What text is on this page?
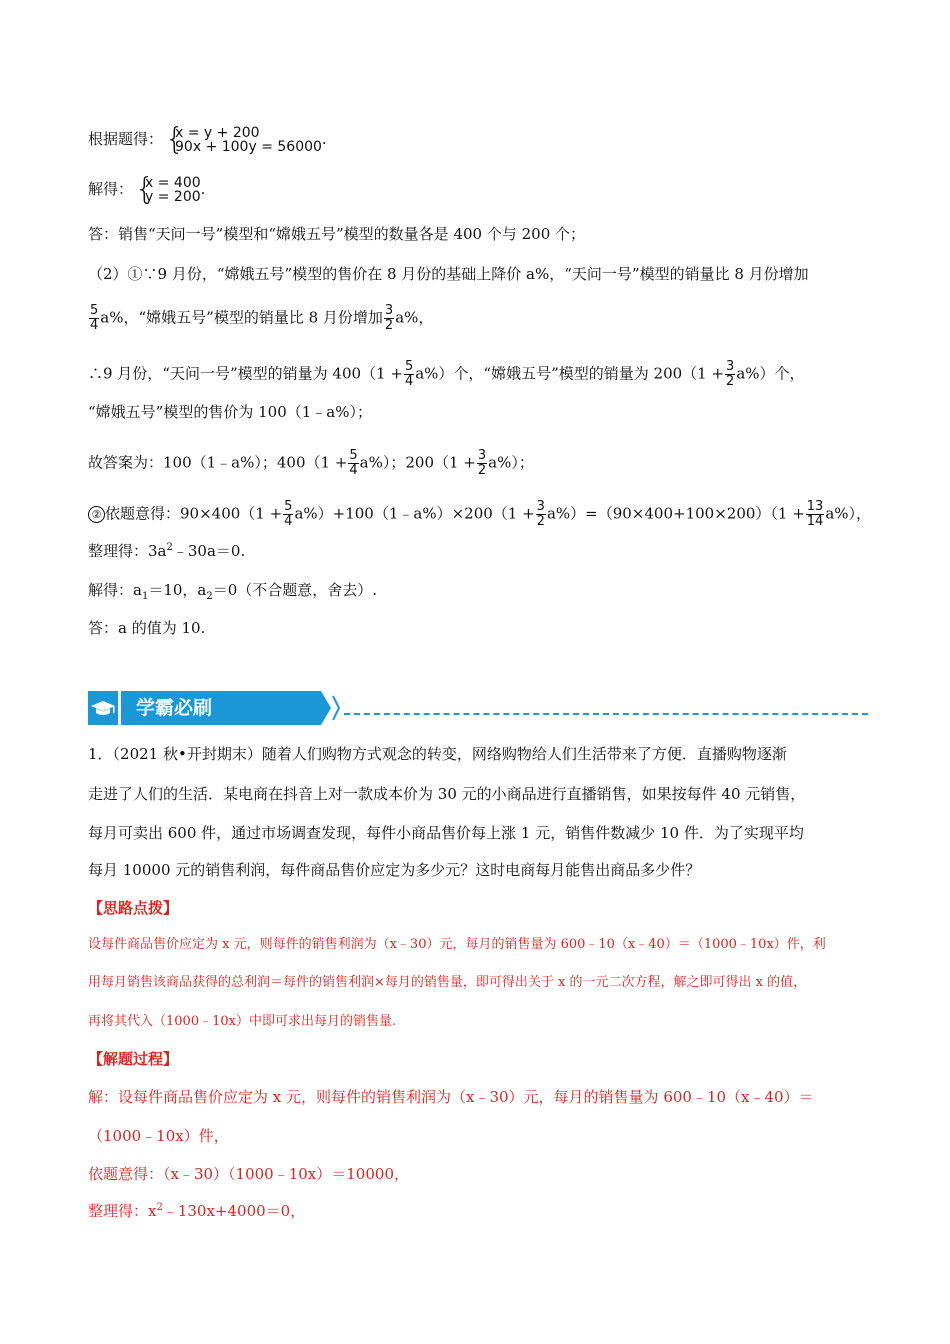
根据题得： {
x = y + 200
90x + 100y = 56000 .
解得： {
x = 400
y = 200 .
答：销售“天问一号”模型和“嫦娥五号”模型的数量各是 400 个与 200 个；
（2）①∵9 月份，“嫦娥五号”模型的售价在 8 月份的基础上降价 a%，“天问一号”模型的销量比 8 月份增加
$\frac{5}{4} a\%$，“嫦娥五号”模型的销量比 8 月份增加 $\frac{3}{2} a\%$，
∴9 月份，“天问一号”模型的销量为 $400(1 + \frac{5}{4} a\%)$个，“嫦娥五号”模型的销量为 $200(1 + \frac{3}{2} a\%)$个，
“嫦娥五号”模型的售价为 100（1﹣a%）；
故答案为：100（1﹣a%）；$400(1 + \frac{5}{4} a\%)$；$200(1 + \frac{3}{2} a\%)$；
② 依题意得：$90\times 400(1 + \frac{5}{4}$ a%）+100（1﹣a%）×200（1 + $\frac{3}{2} a\%)=(90\times 400+100\times 200)(1 + \frac{13}{14} a\%)$，
整理得：$3a^2﹣30a=0$.
解得：$a_1=10$，$a_2=0$（不合题意，舍去）.
答：a 的值为 10.
学霸必刷
1．（2021 秋•开封期末）随着人们购物方式观念的转变，网络购物给人们生活带来了方便．直播购物逐渐
走进了人们的生活．某电商在抖音上对一款成本价为 30 元的小商品进行直播销售，如果按每件 40 元销售，
每月可卖出 600 件，通过市场调查发现，每件小商品售价每上涨 1 元，销售件数减少 10 件．为了实现平均
每月 10000 元的销售利润，每件商品售价应定为多少元？这时电商每月能售出商品多少件？
【思路点拨】
设每件商品售价应定为 x 元，则每件的销售利润为（x﹣30）元，每月的销售量为 600﹣10（x﹣40）＝（1000﹣10x）件，利
用每月销售该商品获得的总利润＝每件的销售利润×每月的销售量，即可得出关于 x 的一元二次方程，解之即可得出 x 的值，
再将其代入（1000﹣10x）中即可求出每月的销售量.
【解题过程】
解：设每件商品售价应定为 x 元，则每件的销售利润为（x﹣30）元，每月的销售量为 600﹣10（x﹣40）＝
（1000﹣10x）件，
依题意得：（x﹣30）（1000﹣10x）＝10000，
整理得：$x^2﹣130x+4000=0$，
